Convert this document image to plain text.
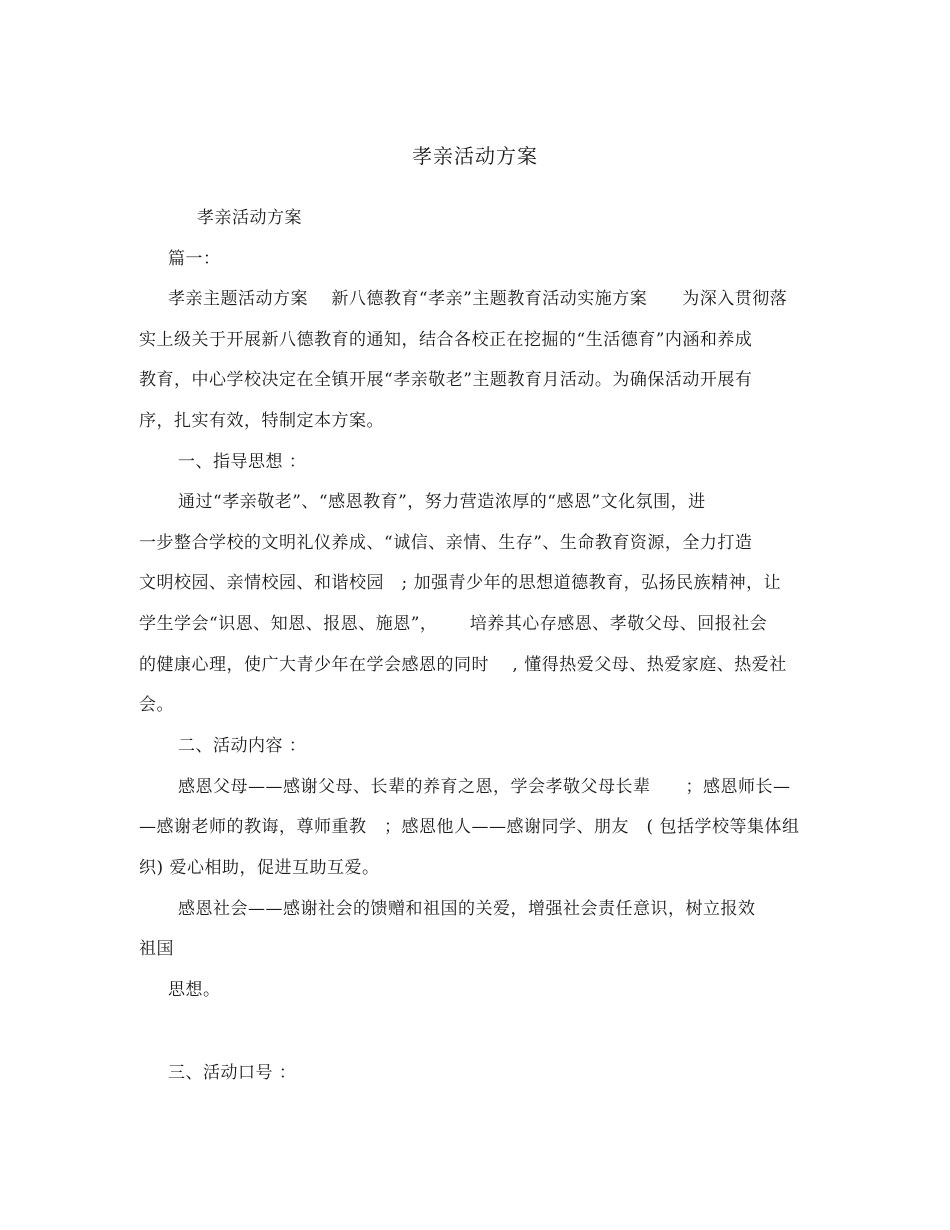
孝亲活动方案
孝亲活动方案
篇一：
孝亲主题活动方案　 新八德教育“孝亲”主题教育活动实施方案　　为深入贯彻落
实上级关于开展新八德教育的通知，结合各校正在挖掘的“生活德育”内涵和养成
教育，中心学校决定在全镇开展“孝亲敬老”主题教育月活动。为确保活动开展有
序，扎实有效，特制定本方案。
一、指导思想 ：
通过“孝亲敬老”、“感恩教育”，努力营造浓厚的“感恩”文化氛围，进
一步整合学校的文明礼仪养成、“诚信、亲情、生存”、生命教育资源，全力打造
文明校园、亲情校园、和谐校园　; 加强青少年的思想道德教育，弘扬民族精神，让
学生学会“识恩、知恩、报恩、施恩”，　　 培养其心存感恩、孝敬父母、回报社会
的健康心理，使广大青少年在学会感恩的同时　 , 懂得热爱父母、热爱家庭、热爱社
会。
二、活动内容 ：
感恩父母——感谢父母、长辈的养育之恩，学会孝敬父母长辈　　；感恩师长—
—感谢老师的教诲，尊师重教　；感恩他人——感谢同学、朋友　( 包括学校等集体组
织) 爱心相助，促进互助互爱。
感恩社会——感谢社会的馈赠和祖国的关爱，增强社会责任意识，树立报效
祖国
思想。
三、活动口号 ：
